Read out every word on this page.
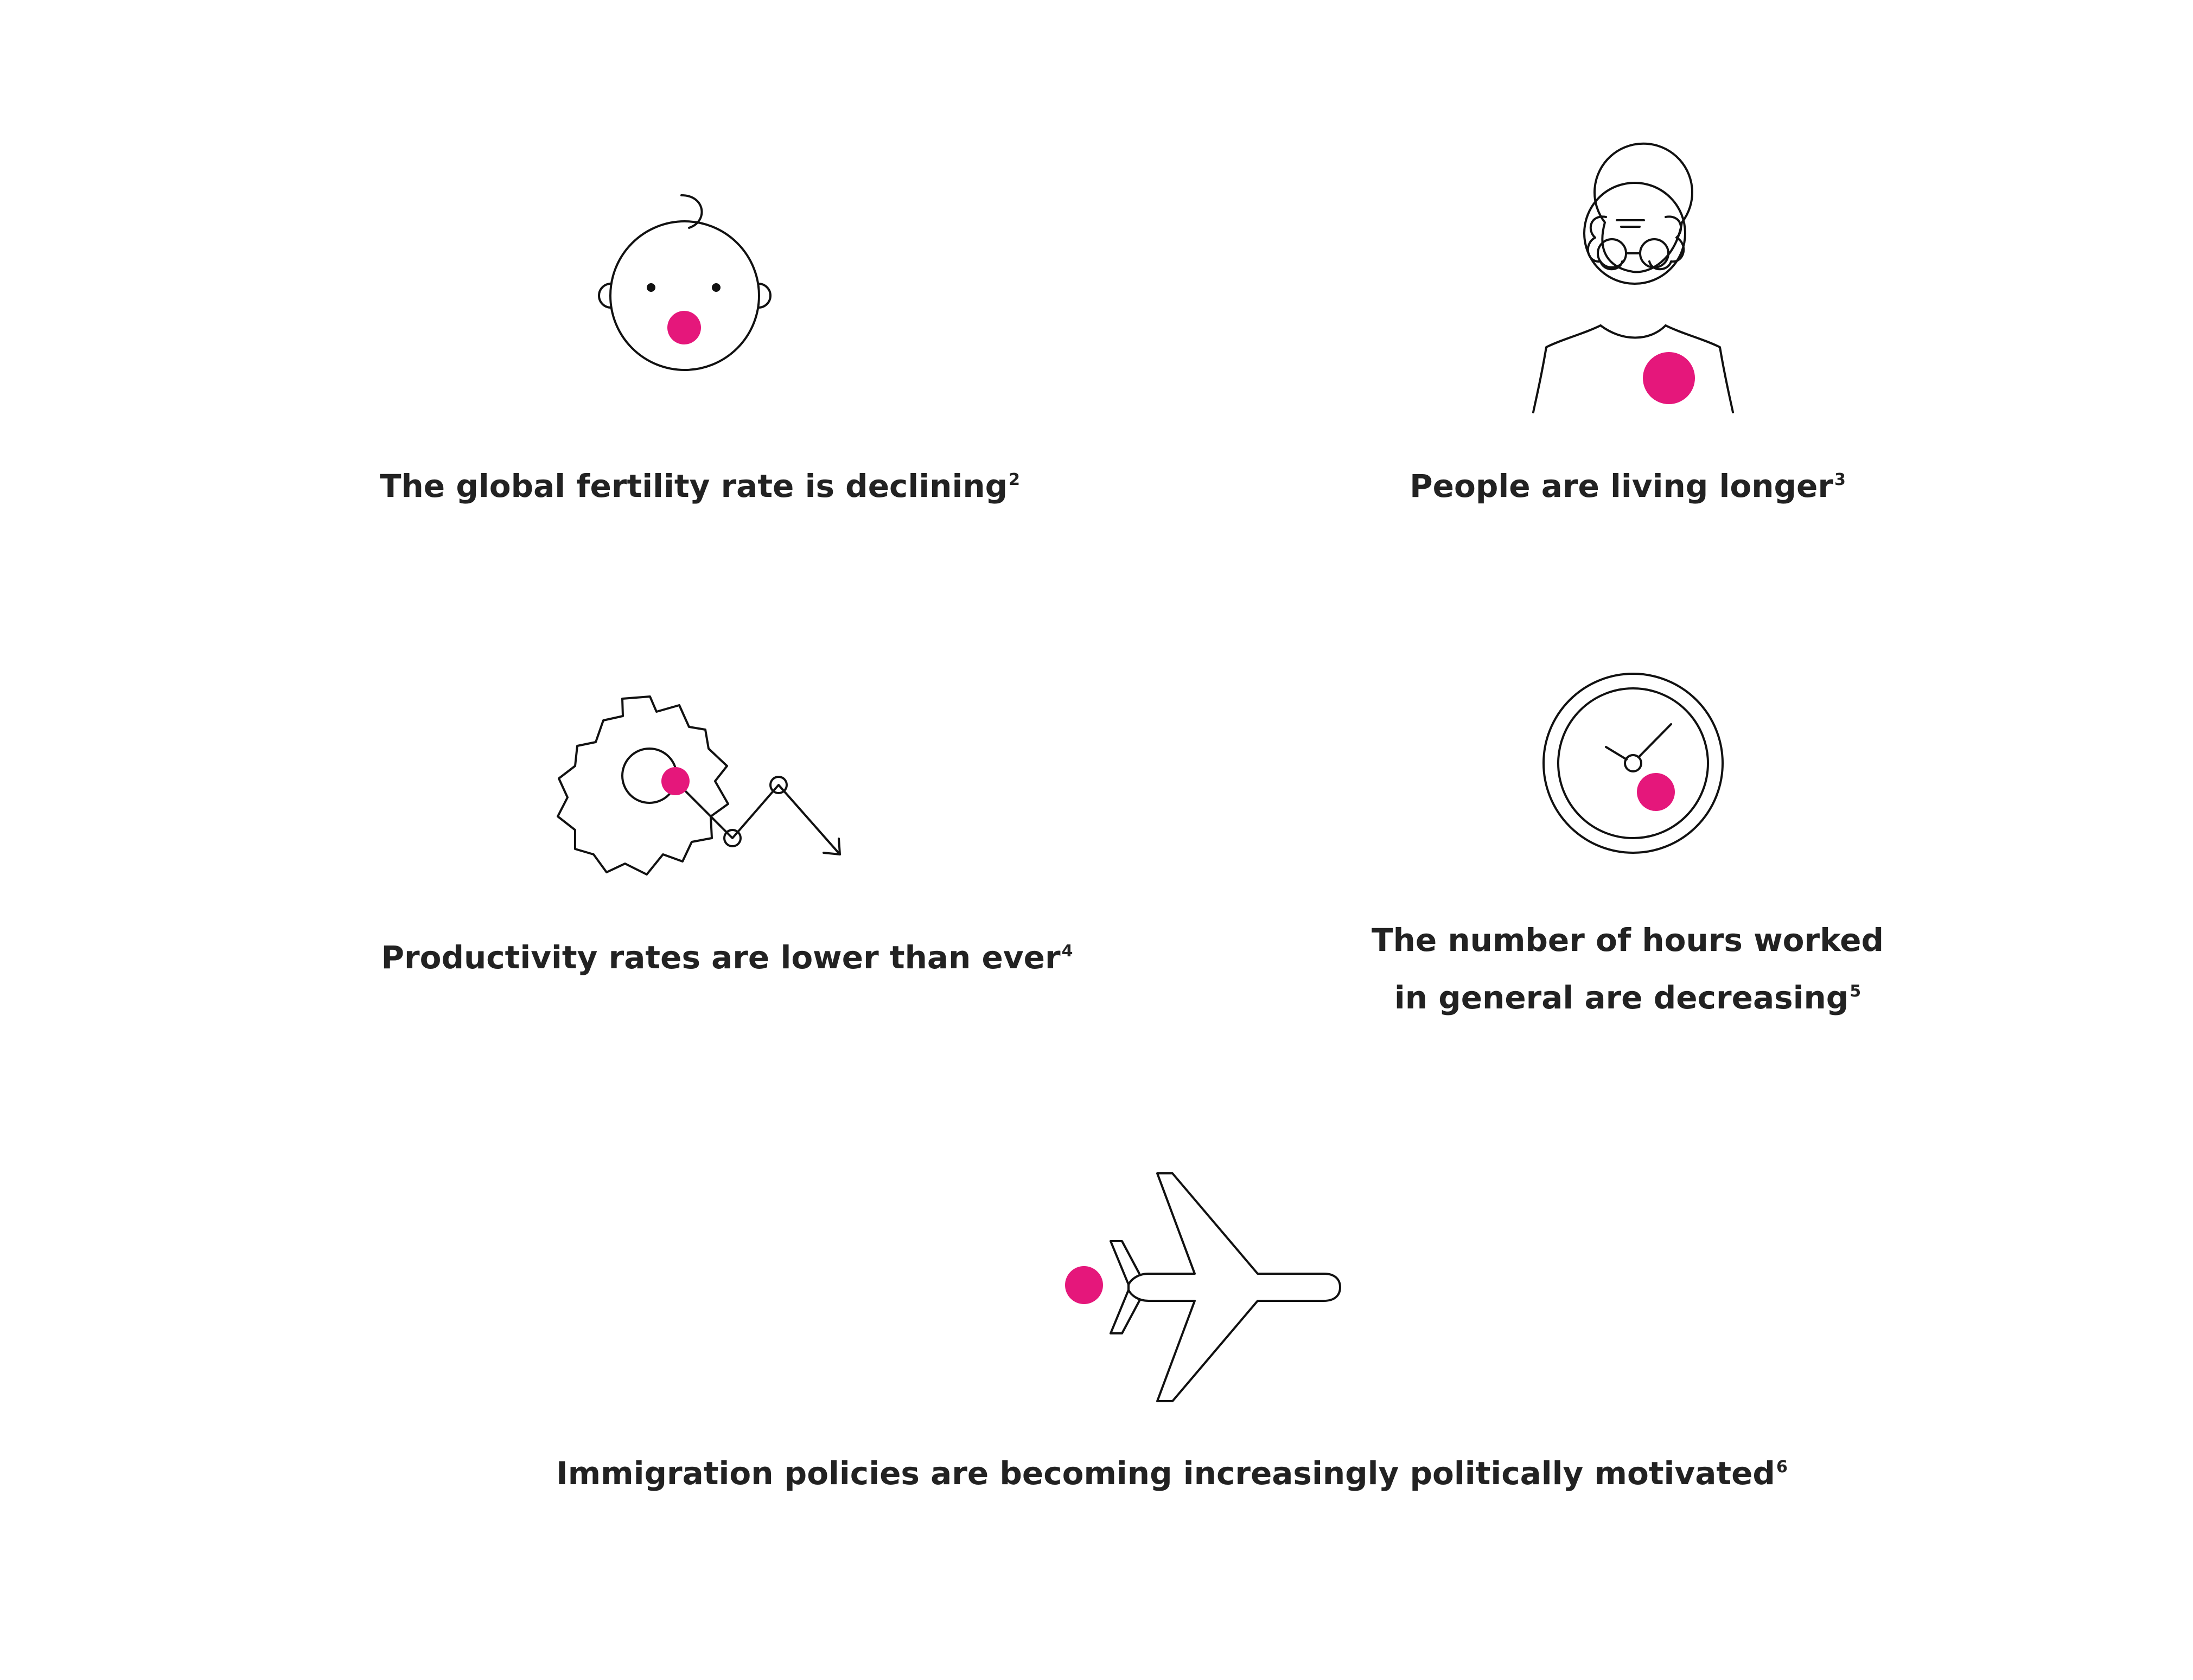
The global fertility rate is declining$^2$	People are living longer$^3$
Productivity rates are lower than ever$^4$	The number of hours worked
in general are decreasing$^5$
Immigration policies are becoming increasingly politically motivated$^6$
